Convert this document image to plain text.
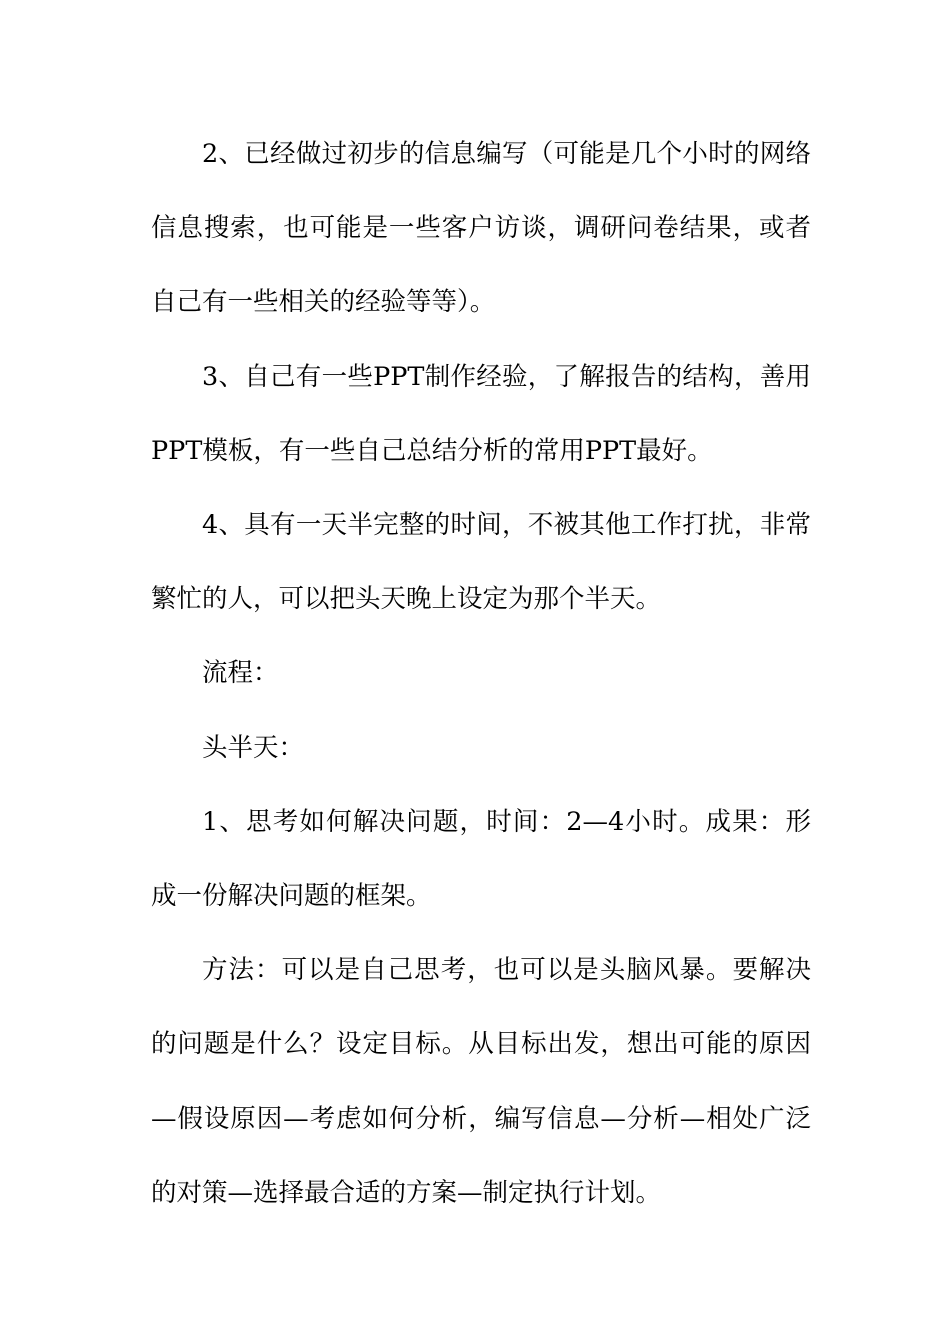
2、已经做过初步的信息编写（可能是几个小时的网络信息搜索，也可能是一些客户访谈，调研问卷结果，或者自己有一些相关的经验等等）。

3、自己有一些PPT制作经验，了解报告的结构，善用PPT模板，有一些自己总结分析的常用PPT最好。

4、具有一天半完整的时间，不被其他工作打扰，非常繁忙的人，可以把头天晚上设定为那个半天。

流程：

头半天：

1、思考如何解决问题，时间：2—4小时。成果：形成一份解决问题的框架。

方法：可以是自己思考，也可以是头脑风暴。要解决的问题是什么？设定目标。从目标出发，想出可能的原因—假设原因—考虑如何分析，编写信息—分析—相处广泛的对策—选择最合适的方案—制定执行计划。
